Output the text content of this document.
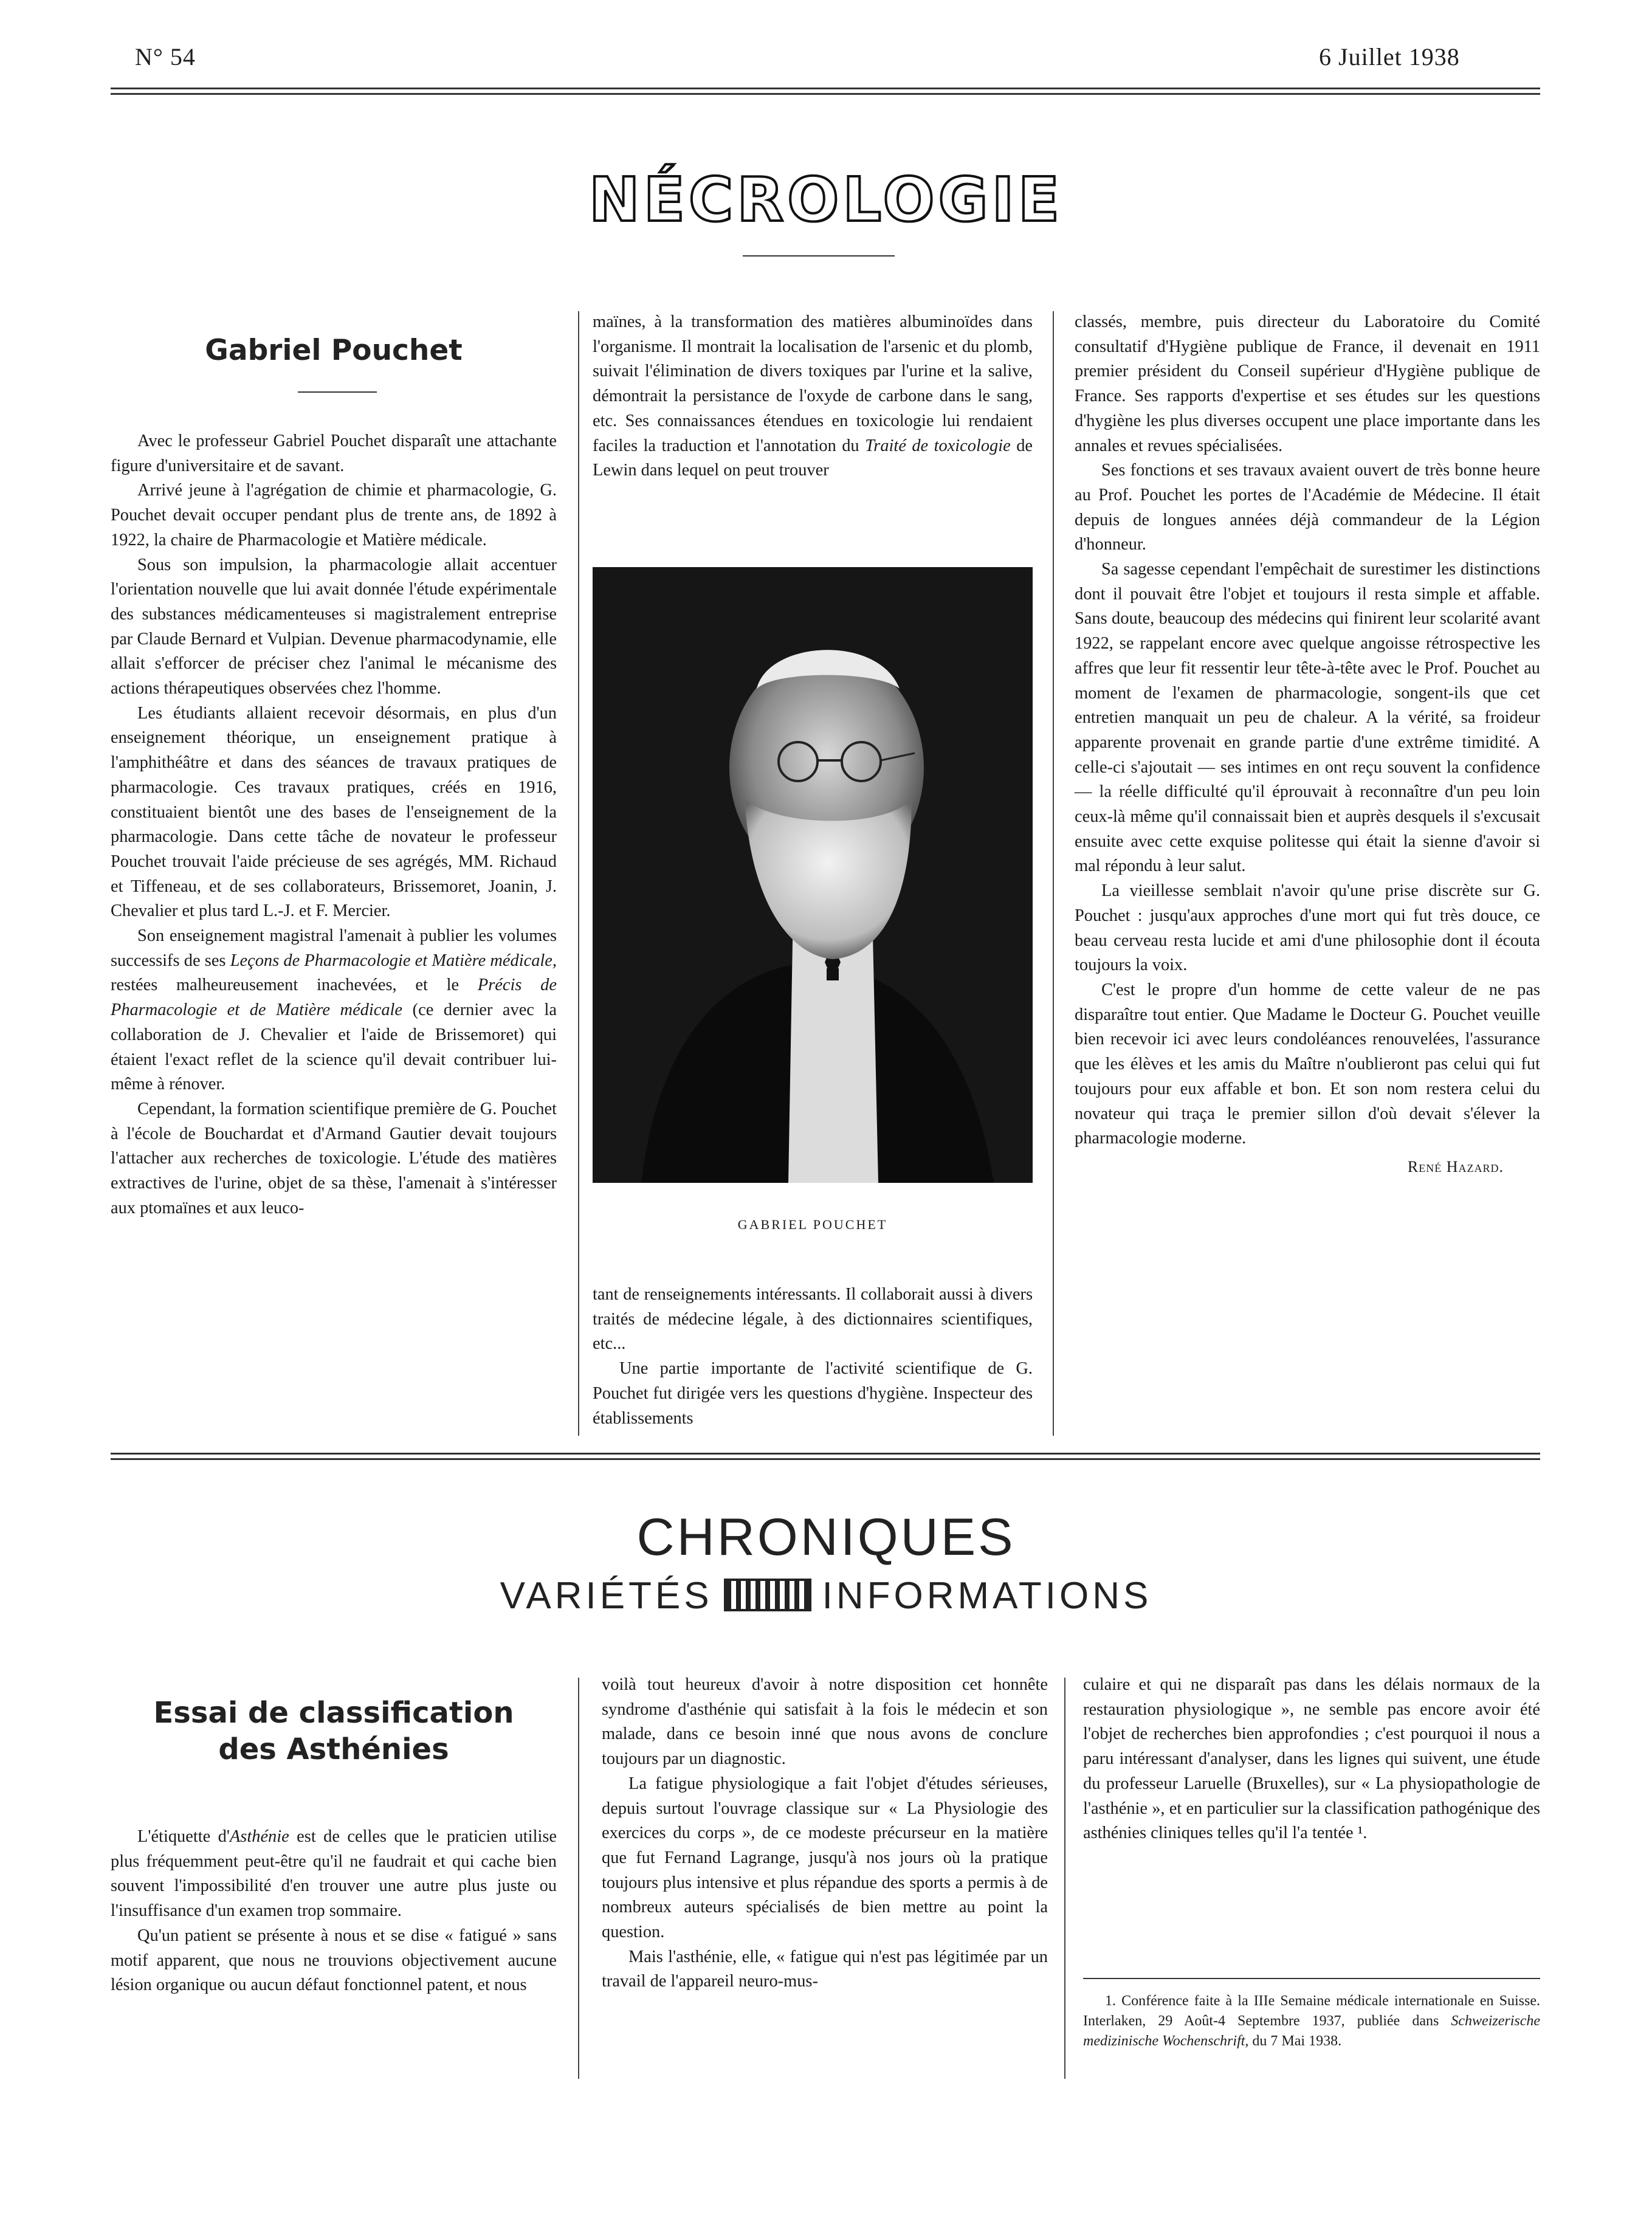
N° 54	6 Juillet 1938
NÉCROLOGIE
Gabriel Pouchet

Avec le professeur Gabriel Pouchet disparaît une attachante figure d'universitaire et de savant.

Arrivé jeune à l'agrégation de chimie et pharmacologie, G. Pouchet devait occuper pendant plus de trente ans, de 1892 à 1922, la chaire de Pharmacologie et Matière médicale.

Sous son impulsion, la pharmacologie allait accentuer l'orientation nouvelle que lui avait donnée l'étude expérimentale des substances médicamenteuses si magistralement entreprise par Claude Bernard et Vulpian. Devenue pharmacodynamie, elle allait s'efforcer de préciser chez l'animal le mécanisme des actions thérapeutiques observées chez l'homme.

Les étudiants allaient recevoir désormais, en plus d'un enseignement théorique, un enseignement pratique à l'amphithéâtre et dans des séances de travaux pratiques de pharmacologie. Ces travaux pratiques, créés en 1916, constituaient bientôt une des bases de l'enseignement de la pharmacologie. Dans cette tâche de novateur le professeur Pouchet trouvait l'aide précieuse de ses agrégés, MM. Richaud et Tiffeneau, et de ses collaborateurs, Brissemoret, Joanin, J. Chevalier et plus tard L.-J. et F. Mercier.

Son enseignement magistral l'amenait à publier les volumes successifs de ses Leçons de Pharmacologie et Matière médicale, restées malheureusement inachevées, et le Précis de Pharmacologie et de Matière médicale (ce dernier avec la collaboration de J. Chevalier et l'aide de Brissemoret) qui étaient l'exact reflet de la science qu'il devait contribuer lui-même à rénover.

Cependant, la formation scientifique première de G. Pouchet à l'école de Bouchardat et d'Armand Gautier devait toujours l'attacher aux recherches de toxicologie. L'étude des matières extractives de l'urine, objet de sa thèse, l'amenait à s'intéresser aux ptomaïnes et aux leuco-

maïnes, à la transformation des matières albuminoïdes dans l'organisme. Il montrait la localisation de l'arsenic et du plomb, suivait l'élimination de divers toxiques par l'urine et la salive, démontrait la persistance de l'oxyde de carbone dans le sang, etc. Ses connaissances étendues en toxicologie lui rendaient faciles la traduction et l'annotation du Traité de toxicologie de Lewin dans lequel on peut trouver

GABRIEL POUCHET

tant de renseignements intéressants. Il collaborait aussi à divers traités de médecine légale, à des dictionnaires scientifiques, etc...

Une partie importante de l'activité scientifique de G. Pouchet fut dirigée vers les questions d'hygiène. Inspecteur des établissements

classés, membre, puis directeur du Laboratoire du Comité consultatif d'Hygiène publique de France, il devenait en 1911 premier président du Conseil supérieur d'Hygiène publique de France. Ses rapports d'expertise et ses études sur les questions d'hygiène les plus diverses occupent une place importante dans les annales et revues spécialisées.

Ses fonctions et ses travaux avaient ouvert de très bonne heure au Prof. Pouchet les portes de l'Académie de Médecine. Il était depuis de longues années déjà commandeur de la Légion d'honneur.

Sa sagesse cependant l'empêchait de surestimer les distinctions dont il pouvait être l'objet et toujours il resta simple et affable. Sans doute, beaucoup des médecins qui finirent leur scolarité avant 1922, se rappelant encore avec quelque angoisse rétrospective les affres que leur fit ressentir leur tête-à-tête avec le Prof. Pouchet au moment de l'examen de pharmacologie, songent-ils que cet entretien manquait un peu de chaleur. A la vérité, sa froideur apparente provenait en grande partie d'une extrême timidité. A celle-ci s'ajoutait — ses intimes en ont reçu souvent la confidence — la réelle difficulté qu'il éprouvait à reconnaître d'un peu loin ceux-là même qu'il connaissait bien et auprès desquels il s'excusait ensuite avec cette exquise politesse qui était la sienne d'avoir si mal répondu à leur salut.

La vieillesse semblait n'avoir qu'une prise discrète sur G. Pouchet : jusqu'aux approches d'une mort qui fut très douce, ce beau cerveau resta lucide et ami d'une philosophie dont il écouta toujours la voix.

C'est le propre d'un homme de cette valeur de ne pas disparaître tout entier. Que Madame le Docteur G. Pouchet veuille bien recevoir ici avec leurs condoléances renouvelées, l'assurance que les élèves et les amis du Maître n'oublieront pas celui qui fut toujours pour eux affable et bon. Et son nom restera celui du novateur qui traça le premier sillon d'où devait s'élever la pharmacologie moderne.

René Hazard.
CHRONIQUES
VARIÉTÉS	INFORMATIONS
Essai de classification
des Asthénies

L'étiquette d'Asthénie est de celles que le praticien utilise plus fréquemment peut-être qu'il ne faudrait et qui cache bien souvent l'impossibilité d'en trouver une autre plus juste ou l'insuffisance d'un examen trop sommaire.

Qu'un patient se présente à nous et se dise « fatigué » sans motif apparent, que nous ne trouvions objectivement aucune lésion organique ou aucun défaut fonctionnel patent, et nous

voilà tout heureux d'avoir à notre disposition cet honnête syndrome d'asthénie qui satisfait à la fois le médecin et son malade, dans ce besoin inné que nous avons de conclure toujours par un diagnostic.

La fatigue physiologique a fait l'objet d'études sérieuses, depuis surtout l'ouvrage classique sur « La Physiologie des exercices du corps », de ce modeste précurseur en la matière que fut Fernand Lagrange, jusqu'à nos jours où la pratique toujours plus intensive et plus répandue des sports a permis à de nombreux auteurs spécialisés de bien mettre au point la question.

Mais l'asthénie, elle, « fatigue qui n'est pas légitimée par un travail de l'appareil neuro-mus-

culaire et qui ne disparaît pas dans les délais normaux de la restauration physiologique », ne semble pas encore avoir été l'objet de recherches bien approfondies ; c'est pourquoi il nous a paru intéressant d'analyser, dans les lignes qui suivent, une étude du professeur Laruelle (Bruxelles), sur « La physiopathologie de l'asthénie », et en particulier sur la classification pathogénique des asthénies cliniques telles qu'il l'a tentée ¹.

1. Conférence faite à la IIIe Semaine médicale internationale en Suisse. Interlaken, 29 Août-4 Septembre 1937, publiée dans Schweizerische medizinische Wochenschrift, du 7 Mai 1938.
